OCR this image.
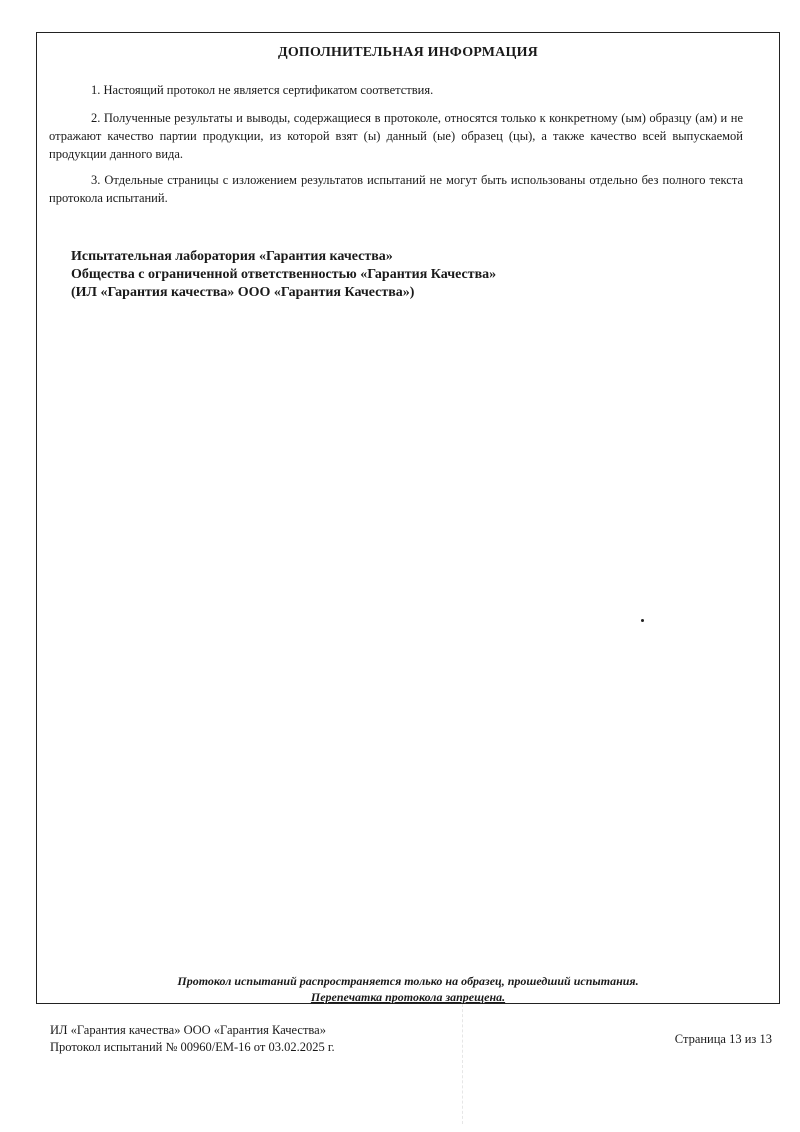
ДОПОЛНИТЕЛЬНАЯ ИНФОРМАЦИЯ
1. Настоящий протокол не является сертификатом соответствия.
2. Полученные результаты и выводы, содержащиеся в протоколе, относятся только к конкретному (ым) образцу (ам) и не отражают качество партии продукции, из которой взят (ы) данный (ые) образец (цы), а также качество всей выпускаемой продукции данного вида.
3. Отдельные страницы с изложением результатов испытаний не могут быть использованы отдельно без полного текста протокола испытаний.
Испытательная лаборатория «Гарантия качества»
Общества с ограниченной ответственностью «Гарантия Качества»
(ИЛ «Гарантия качества» ООО «Гарантия Качества»)
Протокол испытаний распространяется только на образец, прошедший испытания.
Перепечатка протокола запрещена.
ИЛ «Гарантия качества» ООО «Гарантия Качества»
Протокол испытаний № 00960/ЕМ-16 от 03.02.2025 г.
Страница 13 из 13
